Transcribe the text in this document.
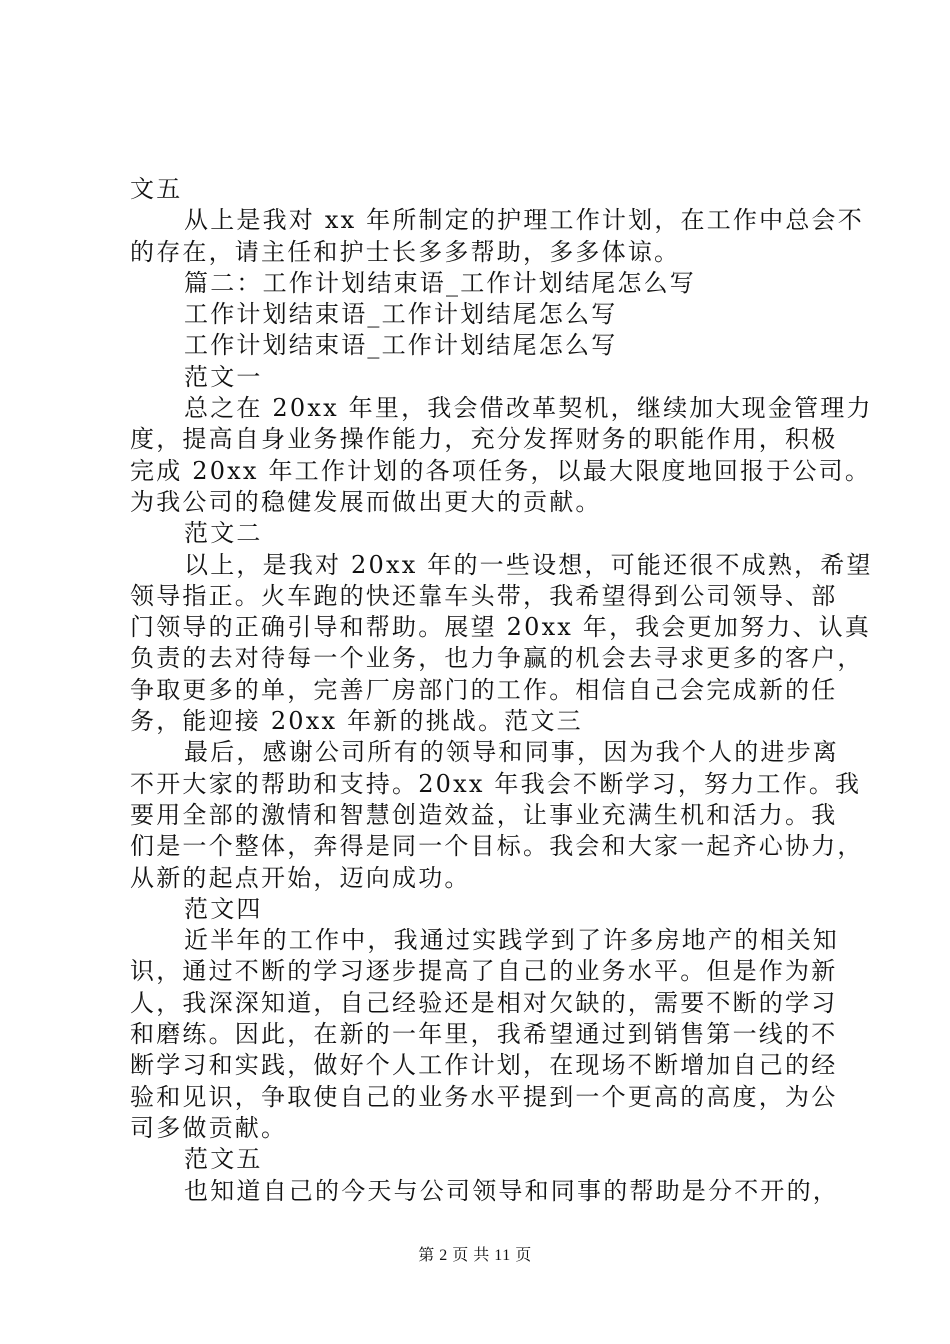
文五
从上是我对 xx 年所制定的护理工作计划，在工作中总会不
的存在，请主任和护士长多多帮助，多多体谅。
篇二：工作计划结束语_工作计划结尾怎么写
工作计划结束语_工作计划结尾怎么写
工作计划结束语_工作计划结尾怎么写
范文一
总之在 20xx 年里，我会借改革契机，继续加大现金管理力
度，提高自身业务操作能力，充分发挥财务的职能作用，积极
完成 20xx 年工作计划的各项任务，以最大限度地回报于公司。
为我公司的稳健发展而做出更大的贡献。
范文二
以上，是我对 20xx 年的一些设想，可能还很不成熟，希望
领导指正。火车跑的快还靠车头带，我希望得到公司领导、部
门领导的正确引导和帮助。展望 20xx 年，我会更加努力、认真
负责的去对待每一个业务，也力争赢的机会去寻求更多的客户，
争取更多的单，完善厂房部门的工作。相信自己会完成新的任
务，能迎接 20xx 年新的挑战。范文三
最后，感谢公司所有的领导和同事，因为我个人的进步离
不开大家的帮助和支持。20xx 年我会不断学习，努力工作。我
要用全部的激情和智慧创造效益，让事业充满生机和活力。我
们是一个整体，奔得是同一个目标。我会和大家一起齐心协力，
从新的起点开始，迈向成功。
范文四
近半年的工作中，我通过实践学到了许多房地产的相关知
识，通过不断的学习逐步提高了自己的业务水平。但是作为新
人，我深深知道，自己经验还是相对欠缺的，需要不断的学习
和磨练。因此，在新的一年里，我希望通过到销售第一线的不
断学习和实践，做好个人工作计划，在现场不断增加自己的经
验和见识，争取使自己的业务水平提到一个更高的高度，为公
司多做贡献。
范文五
也知道自己的今天与公司领导和同事的帮助是分不开的，
第 2 页 共 11 页
